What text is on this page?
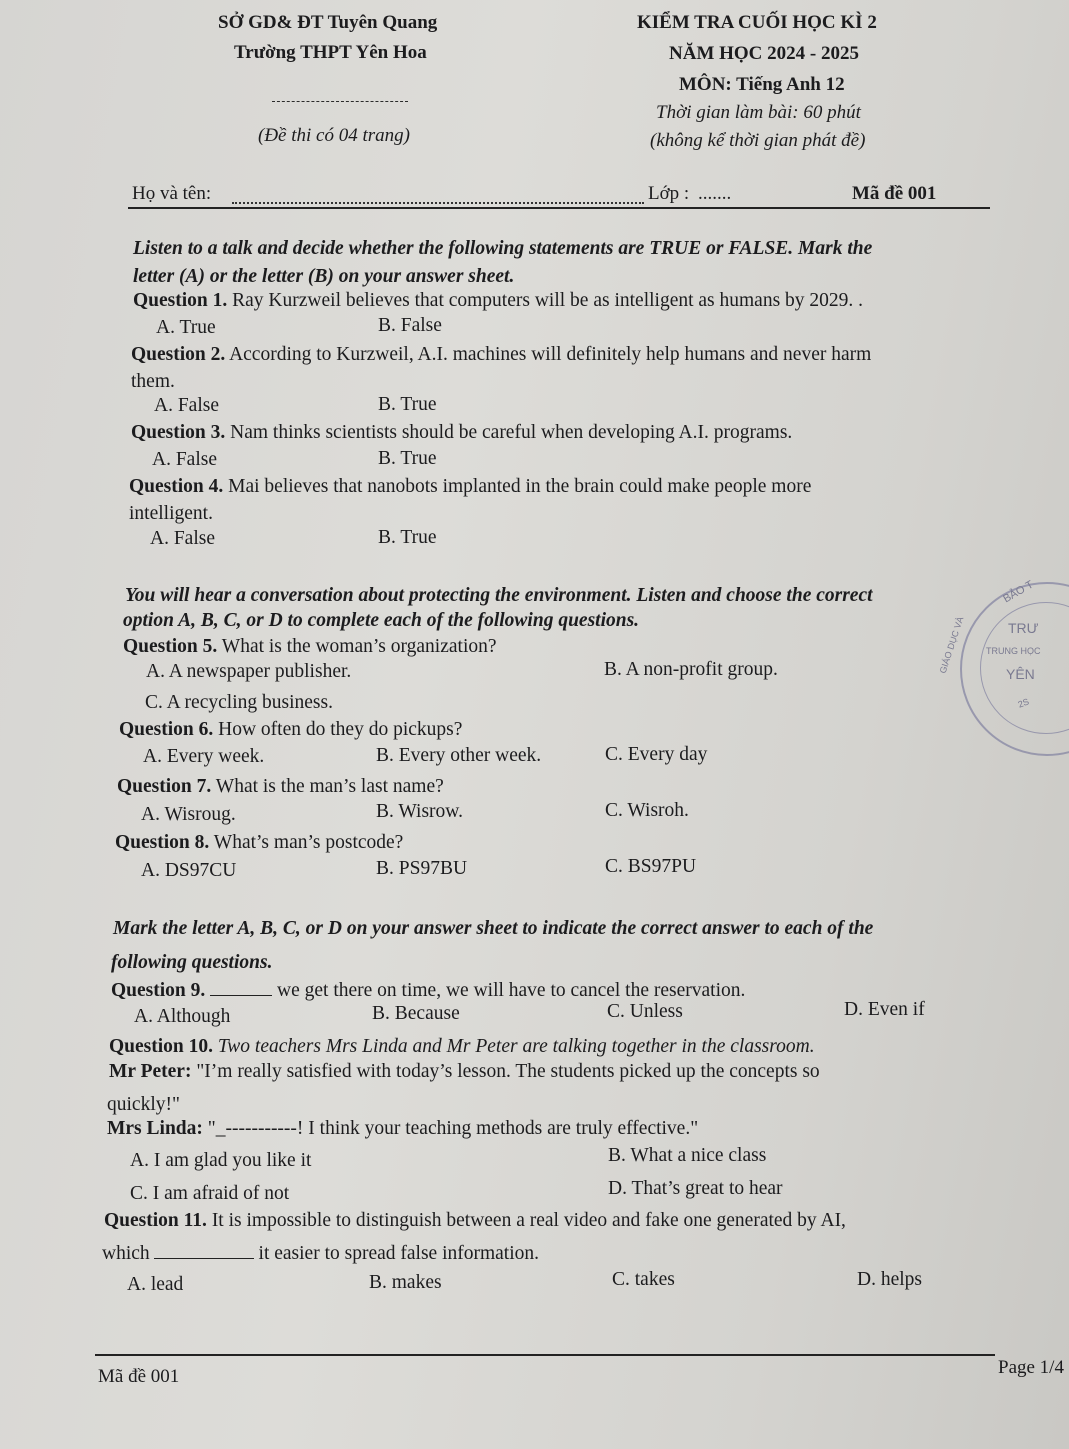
SỞ GD& ĐT Tuyên Quang
Trường THPT Yên Hoa
(Đề thi có 04 trang)
KIỂM TRA CUỐI HỌC KÌ 2
NĂM HỌC 2024 - 2025
MÔN: Tiếng Anh 12
Thời gian làm bài: 60 phút
(không kể thời gian phát đề)
Họ và tên:	Lớp : .......	Mã đề 001
Listen to a talk and decide whether the following statements are TRUE or FALSE. Mark the
letter (A) or the letter (B) on your answer sheet.
Question 1. Ray Kurzweil believes that computers will be as intelligent as humans by 2029. .
A. True	B. False
Question 2. According to Kurzweil, A.I. machines will definitely help humans and never harm
them.
A. False	B. True
Question 3. Nam thinks scientists should be careful when developing A.I. programs.
A. False	B. True
Question 4. Mai believes that nanobots implanted in the brain could make people more
intelligent.
A. False	B. True
You will hear a conversation about protecting the environment. Listen and choose the correct
option A, B, C, or D to complete each of the following questions.
Question 5. What is the woman’s organization?
A. A newspaper publisher.	B. A non-profit group.
C. A recycling business.
Question 6. How often do they do pickups?
A. Every week.	B. Every other week.	C. Every day
Question 7. What is the man’s last name?
A. Wisroug.	B. Wisrow.	C. Wisroh.
Question 8. What’s man’s postcode?
A. DS97CU	B. PS97BU	C. BS97PU
Mark the letter A, B, C, or D on your answer sheet to indicate the correct answer to each of the
following questions.
Question 9.	we get there on time, we will have to cancel the reservation.
A. Although	B. Because	C. Unless	D. Even if
Question 10. Two teachers Mrs Linda and Mr Peter are talking together in the classroom.
Mr Peter: "I’m really satisfied with today’s lesson. The students picked up the concepts so
quickly!"
Mrs Linda: "_-----------! I think your teaching methods are truly effective."
A. I am glad you like it	B. What a nice class
C. I am afraid of not	D. That’s great to hear
Question 11. It is impossible to distinguish between a real video and fake one generated by AI,
which	it easier to spread false information.
A. lead	B. makes	C. takes	D. helps
Mã đề 001	Page 1/4
BẢO T
TRƯ
TRUNG HỌC
YÊN
GIÁO DỤC VÀ
2S
